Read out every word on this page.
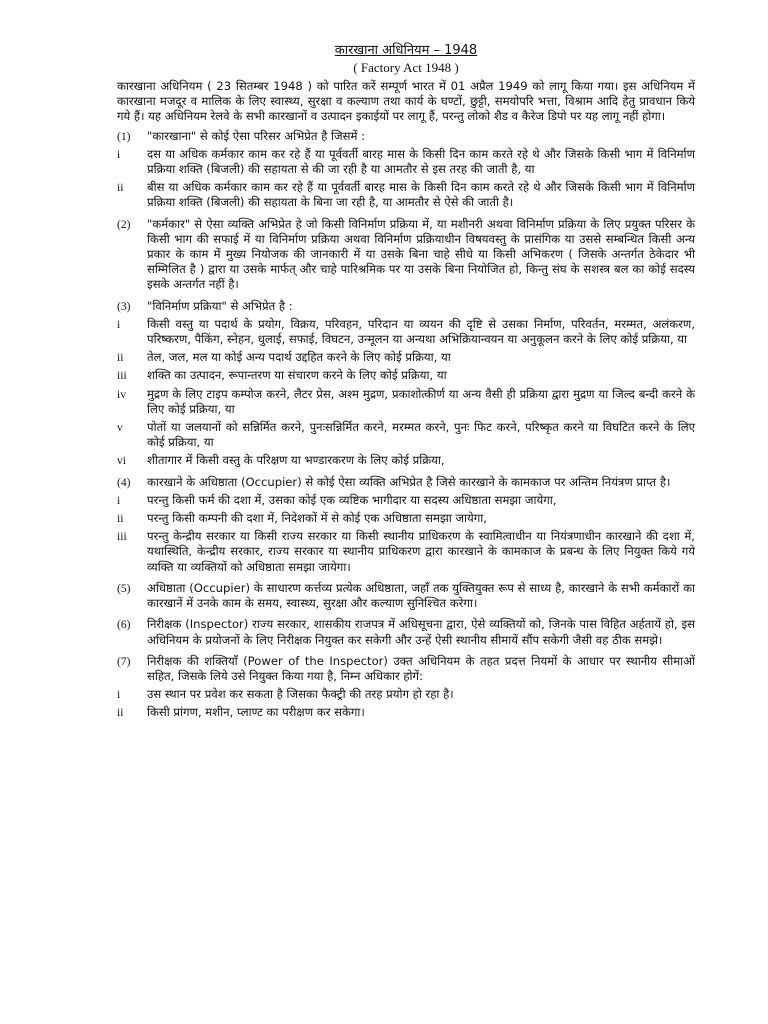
कारखाना अधिनियम – 1948
( Factory Act 1948 )
कारखाना अधिनियम ( 23 सितम्बर 1948 ) को पारित करें सम्पूर्ण भारत में 01 अप्रैल 1949 को लागू किया गया। इस अधिनियम में कारखाना मजदूर व मालिक के लिए स्वास्थ्य, सुरक्षा व कल्याण तथा कार्य के घण्टों, छुट्टी, समयोपरि भत्ता, विश्राम आदि हेतु प्रावधान किये गये हैं। यह अधिनियम रेलवे के सभी कारखानों व उत्पादन इकाईयों पर लागू हैं, परन्तु लोको शैड व कैरेज डिपो पर यह लागू नहीं होगा।
(1)	"कारखाना" से कोई ऐसा परिसर अभिप्रेत है जिसमें :
i	दस या अधिक कर्मकार काम कर रहे हैं या पूर्ववर्ती बारह मास के किसी दिन काम करते रहे थे और जिसके किसी भाग में विनिर्माण प्रक्रिया शक्ति (बिजली) की सहायता से की जा रही है या आमतौर से इस तरह की जाती है, या
ii	बीस या अधिक कर्मकार काम कर रहे हैं या पूर्ववर्ती बारह मास के किसी दिन काम करते रहे थे और जिसके किसी भाग में विनिर्माण प्रक्रिया शक्ति (बिजली) की सहायता के बिना जा रही है, या आमतौर से ऐसे की जाती है।
(2)	"कर्मकार" से ऐसा व्यक्ति अभिप्रेत हे जो किसी विनिर्माण प्रक्रिया में, या मशीनरी अथवा विनिर्माण प्रक्रिया के लिए प्रयुक्त परिसर के किसी भाग की सफाई में या विनिर्माण प्रक्रिया अथवा विनिर्माण प्रक्रियाधीन विषयवस्तु के प्रासंगिक या उससे सम्बन्धित किसी अन्य प्रकार के काम में मुख्य नियोजक की जानकारी में या उसके बिना चाहे सीधे या किसी अभिकरण ( जिसके अन्तर्गत ठेकेदार भी सम्मिलित है ) द्वारा या उसके मार्फत् और चाहे पारिश्रमिक पर या उसके बिना नियोजित हो, किन्तु संघ के सशस्त्र बल का कोई सदस्य इसके अन्तर्गत नहीं है।
(3)	"विनिर्माण प्रक्रिया" से अभिप्रेत है :
i	किसी वस्तु या पदार्थ के प्रयोग, विक्रय, परिवहन, परिदान या व्ययन की दृष्टि से उसका निर्माण, परिवर्तन, मरम्मत, अलंकरण, परिष्करण, पैकिंग, स्नेहन, धुलाई, सफाई, विघटन, उन्मूलन या अन्यथा अभिक्रियान्वयन या अनुकूलन करने के लिए कोई प्रक्रिया, या
ii	तेल, जल, मल या कोई अन्य पदार्थ उद्दहित करने के लिए कोई प्रक्रिया, या
iii	शक्ति का उत्पादन, रूपान्तरण या संचारण करने के लिए कोई प्रक्रिया, या
iv	मुद्रण के लिए टाइप कम्पोज करने, लैटर प्रेस, अश्म मुद्रण, प्रकाशोत्कीर्ण या अन्य वैसी ही प्रक्रिया द्वारा मुद्रण या जिल्द बन्दी करने के लिए कोई प्रक्रिया, या
v	पोतों या जलयानों को सन्निर्मित करने, पुनःसन्निर्मित करने, मरम्मत करने, पुनः फिट करने, परिष्कृत करने या विघटित करने के लिए कोई प्रक्रिया, या
vi	शीतागार में किसी वस्तु के परिक्षण या भण्डारकरण के लिए कोई प्रक्रिया,
(4)	कारखाने के अधिष्ठाता (Occupier) से कोई ऐसा व्यक्ति अभिप्रेत है जिसे कारखाने के कामकाज पर अन्तिम नियंत्रण प्राप्त है।
i	परन्तु किसी फर्म की दशा में, उसका कोई एक व्यष्टिक भागीदार या सदस्य अधिष्ठाता समझा जायेगा,
ii	परन्तु किसी कम्पनी की दशा में, निदेशकों में से कोई एक अधिष्ठाता समझा जायेगा,
iii	परन्तु केन्द्रीय सरकार या किसी राज्य सरकार या किसी स्थानीय प्राधिकरण के स्वामित्वाधीन या नियंत्रणाधीन कारखाने की दशा में, यथास्थिति, केन्द्रीय सरकार, राज्य सरकार या स्थानीय प्राधिकरण द्वारा कारखाने के कामकाज के प्रबन्ध के लिए नियुक्त किये गये व्यक्ति या व्यक्तियों को अधिष्ठाता समझा जायेगा।
(5)	अधिष्ठाता (Occupier) के साधारण कर्त्तव्य प्रत्येक अधिष्ठाता, जहाँ तक युक्तियुक्त रूप से साध्य है, कारखाने के सभी कर्मकारों का कारखानें में उनके काम के समय, स्वास्थ्य, सुरक्षा और कल्याण सुनिश्चित करेगा।
(6)	निरीक्षक (Inspector) राज्य सरकार, शासकीय राजपत्र में अधिसूचना द्वारा, ऐसे व्यक्तियों को, जिनके पास विहित अर्हतायें हो, इस अधिनियम के प्रयोजनों के लिए निरीक्षक नियुक्त कर सकेगी और उन्हें ऐसी स्थानीय सीमायें सौंप सकेगी जैसी वह ठीक समझे।
(7)	निरीक्षक की शक्तियाँ (Power of the Inspector) उक्त अधिनियम के तहत प्रदत्त नियमों के आधार पर स्थानीय सीमाओं सहित, जिसके लिये उसे नियुक्त किया गया है, निम्न अधिकार होगें:
i	उस स्थान पर प्रवेश कर सकता है जिसका फैक्ट्री की तरह प्रयोग हो रहा है।
ii	किसी प्रांगण, मशीन, प्लाण्ट का परीक्षण कर सकेगा।
